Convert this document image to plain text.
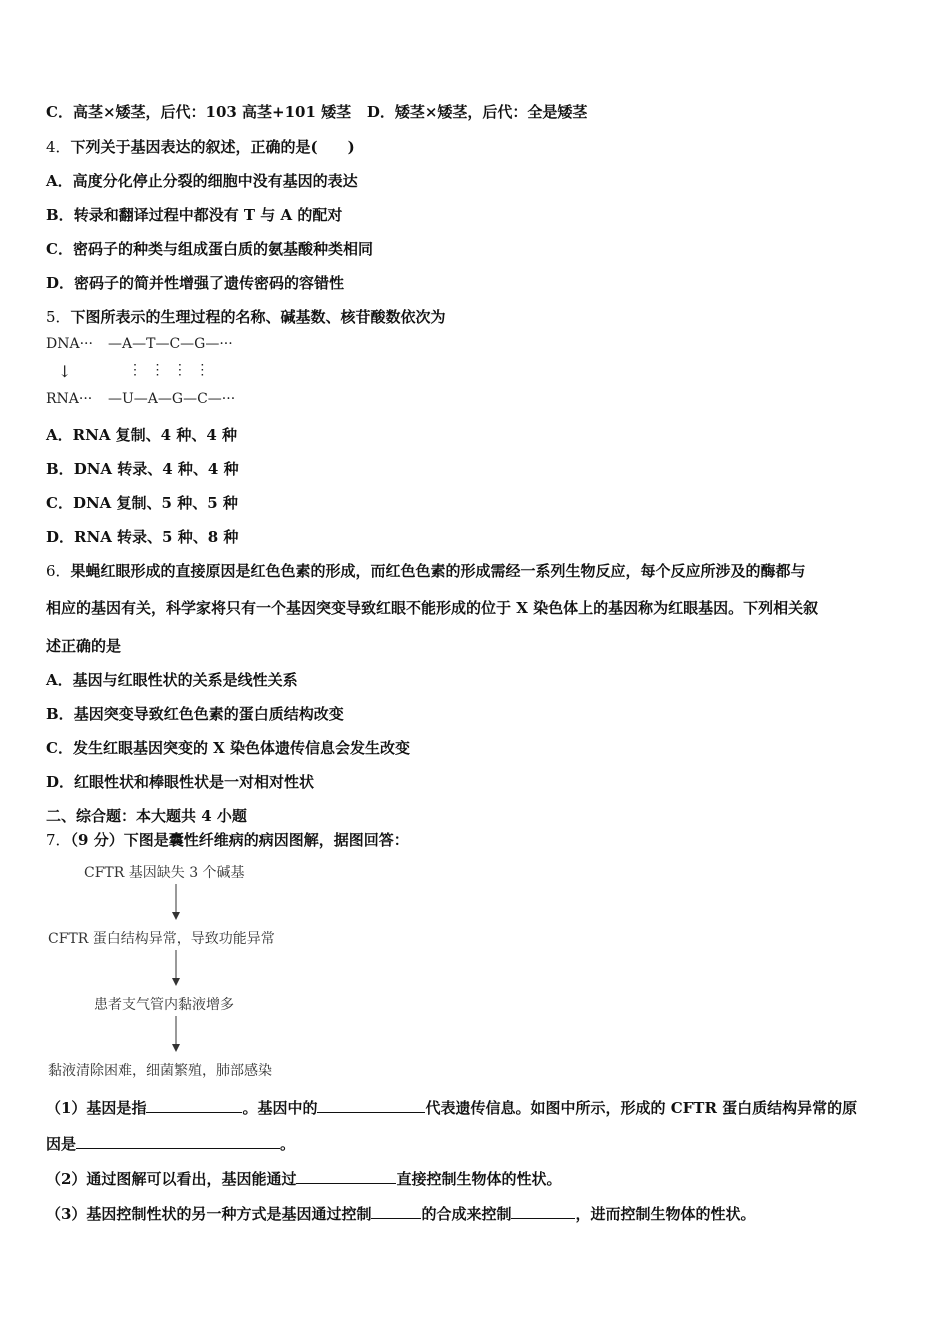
C．高茎×矮茎，后代：103 高茎+101 矮茎 D．矮茎×矮茎，后代：全是矮茎
4．下列关于基因表达的叙述，正确的是(　　)
A．高度分化停止分裂的细胞中没有基因的表达
B．转录和翻译过程中都没有 T 与 A 的配对
C．密码子的种类与组成蛋白质的氨基酸种类相同
D．密码子的简并性增强了遗传密码的容错性
5．下图所表示的生理过程的名称、碱基数、核苷酸数依次为
DNA··· —A—T—C—G—···
↓	⋮ ⋮ ⋮ ⋮
RNA··· —U—A—G—C—···
A．RNA 复制、4 种、4 种
B．DNA 转录、4 种、4 种
C．DNA 复制、5 种、5 种
D．RNA 转录、5 种、8 种
6．果蝇红眼形成的直接原因是红色色素的形成，而红色色素的形成需经一系列生物反应，每个反应所涉及的酶都与
相应的基因有关，科学家将只有一个基因突变导致红眼不能形成的位于 X 染色体上的基因称为红眼基因。下列相关叙
述正确的是
A．基因与红眼性状的关系是线性关系
B．基因突变导致红色色素的蛋白质结构改变
C．发生红眼基因突变的 X 染色体遗传信息会发生改变
D．红眼性状和棒眼性状是一对相对性状
二、综合题：本大题共 4 小题
7．（9 分）下图是囊性纤维病的病因图解，据图回答：
CFTR 基因缺失 3 个碱基
CFTR 蛋白结构异常，导致功能异常
患者支气管内黏液增多
黏液清除困难，细菌繁殖，肺部感染
（1）基因是指	。基因中的	代表遗传信息。如图中所示，形成的 CFTR 蛋白质结构异常的原
因是	。
（2）通过图解可以看出，基因能通过	直接控制生物体的性状。
（3）基因控制性状的另一种方式是基因通过控制	的合成来控制	，进而控制生物体的性状。
